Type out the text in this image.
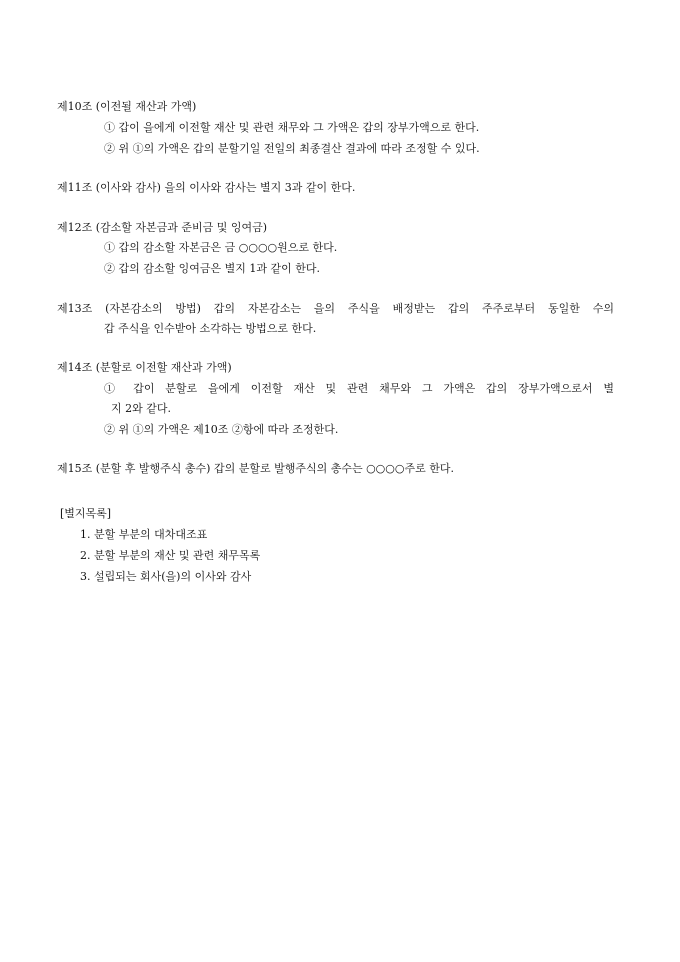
제10조 (이전될 재산과 가액)
① 갑이 을에게 이전할 재산 및 관련 채무와 그 가액은 갑의 장부가액으로 한다.
② 위 ①의 가액은 갑의 분할기일 전일의 최종결산 결과에 따라 조정할 수 있다.
제11조 (이사와 감사) 을의 이사와 감사는 별지 3과 같이 한다.
제12조 (감소할 자본금과 준비금 및 잉여금)
① 갑의 감소할 자본금은 금 ○○○○원으로 한다.
② 갑의 감소할 잉여금은 별지 1과 같이 한다.
제13조 (자본감소의 방법) 갑의 자본감소는 을의 주식을 배정받는 갑의 주주로부터 동일한 수의
갑 주식을 인수받아 소각하는 방법으로 한다.
제14조 (분할로 이전할 재산과 가액)
① 갑이 분할로 을에게 이전할 재산 및 관련 채무와 그 가액은 갑의 장부가액으로서 별
지 2와 같다.
② 위 ①의 가액은 제10조 ②항에 따라 조정한다.
제15조 (분할 후 발행주식 총수) 갑의 분할로 발행주식의 총수는 ○○○○주로 한다.
[별지목록]
1. 분할 부분의 대차대조표
2. 분할 부분의 재산 및 관련 채무목록
3. 설립되는 회사(을)의 이사와 감사
